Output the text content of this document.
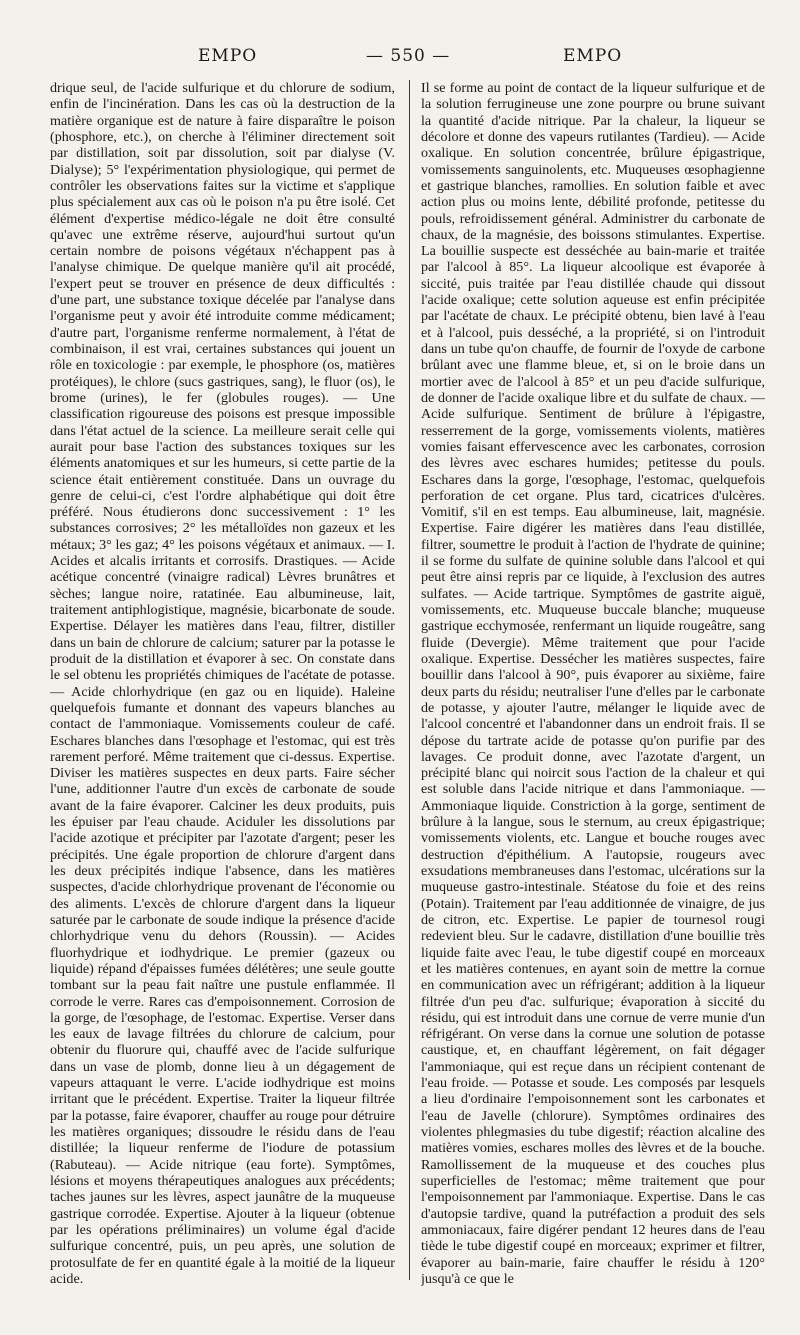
EMPO	— 550 —	EMPO

drique seul, de l'acide sulfurique et du chlorure de sodium, enfin de l'incinération. Dans les cas où la destruction de la matière organique est de nature à faire disparaître le poison (phosphore, etc.), on cherche à l'éliminer directement soit par distillation, soit par dissolution, soit par dialyse (V. Dialyse); 5° l'expérimentation physiologique, qui permet de contrôler les observations faites sur la victime et s'applique plus spécialement aux cas où le poison n'a pu être isolé. Cet élément d'expertise médico-légale ne doit être consulté qu'avec une extrême réserve, aujourd'hui surtout qu'un certain nombre de poisons végétaux n'échappent pas à l'analyse chimique. De quelque manière qu'il ait procédé, l'expert peut se trouver en présence de deux difficultés : d'une part, une substance toxique décelée par l'analyse dans l'organisme peut y avoir été introduite comme médicament; d'autre part, l'organisme renferme normalement, à l'état de combinaison, il est vrai, certaines substances qui jouent un rôle en toxicologie : par exemple, le phosphore (os, matières protéiques), le chlore (sucs gastriques, sang), le fluor (os), le brome (urines), le fer (globules rouges). — Une classification rigoureuse des poisons est presque impossible dans l'état actuel de la science. La meilleure serait celle qui aurait pour base l'action des substances toxiques sur les éléments anatomiques et sur les humeurs, si cette partie de la science était entièrement constituée. Dans un ouvrage du genre de celui-ci, c'est l'ordre alphabétique qui doit être préféré. Nous étudierons donc successivement : 1° les substances corrosives; 2° les métalloïdes non gazeux et les métaux; 3° les gaz; 4° les poisons végétaux et animaux. — I. Acides et alcalis irritants et corrosifs. Drastiques. — Acide acétique concentré (vinaigre radical) Lèvres brunâtres et sèches; langue noire, ratatinée. Eau albumineuse, lait, traitement antiphlogistique, magnésie, bicarbonate de soude. Expertise. Délayer les matières dans l'eau, filtrer, distiller dans un bain de chlorure de calcium; saturer par la potasse le produit de la distillation et évaporer à sec. On constate dans le sel obtenu les propriétés chimiques de l'acétate de potasse. — Acide chlorhydrique (en gaz ou en liquide). Haleine quelquefois fumante et donnant des vapeurs blanches au contact de l'ammoniaque. Vomissements couleur de café. Eschares blanches dans l'œsophage et l'estomac, qui est très rarement perforé. Même traitement que ci-dessus. Expertise. Diviser les matières suspectes en deux parts. Faire sécher l'une, additionner l'autre d'un excès de carbonate de soude avant de la faire évaporer. Calciner les deux produits, puis les épuiser par l'eau chaude. Aciduler les dissolutions par l'acide azotique et précipiter par l'azotate d'argent; peser les précipités. Une égale proportion de chlorure d'argent dans les deux précipités indique l'absence, dans les matières suspectes, d'acide chlorhydrique provenant de l'économie ou des aliments. L'excès de chlorure d'argent dans la liqueur saturée par le carbonate de soude indique la présence d'acide chlorhydrique venu du dehors (Roussin). — Acides fluorhydrique et iodhydrique. Le premier (gazeux ou liquide) répand d'épaisses fumées délétères; une seule goutte tombant sur la peau fait naître une pustule enflammée. Il corrode le verre. Rares cas d'empoisonnement. Corrosion de la gorge, de l'œsophage, de l'estomac. Expertise. Verser dans les eaux de lavage filtrées du chlorure de calcium, pour obtenir du fluorure qui, chauffé avec de l'acide sulfurique dans un vase de plomb, donne lieu à un dégagement de vapeurs attaquant le verre. L'acide iodhydrique est moins irritant que le précédent. Expertise. Traiter la liqueur filtrée par la potasse, faire évaporer, chauffer au rouge pour détruire les matières organiques; dissoudre le résidu dans de l'eau distillée; la liqueur renferme de l'iodure de potassium (Rabuteau). — Acide nitrique (eau forte). Symptômes, lésions et moyens thérapeutiques analogues aux précédents; taches jaunes sur les lèvres, aspect jaunâtre de la muqueuse gastrique corrodée. Expertise. Ajouter à la liqueur (obtenue par les opérations préliminaires) un volume égal d'acide sulfurique concentré, puis, un peu après, une solution de protosulfate de fer en quantité égale à la moitié de la liqueur acide.

Il se forme au point de contact de la liqueur sulfurique et de la solution ferrugineuse une zone pourpre ou brune suivant la quantité d'acide nitrique. Par la chaleur, la liqueur se décolore et donne des vapeurs rutilantes (Tardieu). — Acide oxalique. En solution concentrée, brûlure épigastrique, vomissements sanguinolents, etc. Muqueuses œsophagienne et gastrique blanches, ramollies. En solution faible et avec action plus ou moins lente, débilité profonde, petitesse du pouls, refroidissement général. Administrer du carbonate de chaux, de la magnésie, des boissons stimulantes. Expertise. La bouillie suspecte est desséchée au bain-marie et traitée par l'alcool à 85°. La liqueur alcoolique est évaporée à siccité, puis traitée par l'eau distillée chaude qui dissout l'acide oxalique; cette solution aqueuse est enfin précipitée par l'acétate de chaux. Le précipité obtenu, bien lavé à l'eau et à l'alcool, puis desséché, a la propriété, si on l'introduit dans un tube qu'on chauffe, de fournir de l'oxyde de carbone brûlant avec une flamme bleue, et, si on le broie dans un mortier avec de l'alcool à 85° et un peu d'acide sulfurique, de donner de l'acide oxalique libre et du sulfate de chaux. — Acide sulfurique. Sentiment de brûlure à l'épigastre, resserrement de la gorge, vomissements violents, matières vomies faisant effervescence avec les carbonates, corrosion des lèvres avec eschares humides; petitesse du pouls. Eschares dans la gorge, l'œsophage, l'estomac, quelquefois perforation de cet organe. Plus tard, cicatrices d'ulcères. Vomitif, s'il en est temps. Eau albumineuse, lait, magnésie. Expertise. Faire digérer les matières dans l'eau distillée, filtrer, soumettre le produit à l'action de l'hydrate de quinine; il se forme du sulfate de quinine soluble dans l'alcool et qui peut être ainsi repris par ce liquide, à l'exclusion des autres sulfates. — Acide tartrique. Symptômes de gastrite aiguë, vomissements, etc. Muqueuse buccale blanche; muqueuse gastrique ecchymosée, renfermant un liquide rougeâtre, sang fluide (Devergie). Même traitement que pour l'acide oxalique. Expertise. Dessécher les matières suspectes, faire bouillir dans l'alcool à 90°, puis évaporer au sixième, faire deux parts du résidu; neutraliser l'une d'elles par le carbonate de potasse, y ajouter l'autre, mélanger le liquide avec de l'alcool concentré et l'abandonner dans un endroit frais. Il se dépose du tartrate acide de potasse qu'on purifie par des lavages. Ce produit donne, avec l'azotate d'argent, un précipité blanc qui noircit sous l'action de la chaleur et qui est soluble dans l'acide nitrique et dans l'ammoniaque. — Ammoniaque liquide. Constriction à la gorge, sentiment de brûlure à la langue, sous le sternum, au creux épigastrique; vomissements violents, etc. Langue et bouche rouges avec destruction d'épithélium. A l'autopsie, rougeurs avec exsudations membraneuses dans l'estomac, ulcérations sur la muqueuse gastro-intestinale. Stéatose du foie et des reins (Potain). Traitement par l'eau additionnée de vinaigre, de jus de citron, etc. Expertise. Le papier de tournesol rougi redevient bleu. Sur le cadavre, distillation d'une bouillie très liquide faite avec l'eau, le tube digestif coupé en morceaux et les matières contenues, en ayant soin de mettre la cornue en communication avec un réfrigérant; addition à la liqueur filtrée d'un peu d'ac. sulfurique; évaporation à siccité du résidu, qui est introduit dans une cornue de verre munie d'un réfrigérant. On verse dans la cornue une solution de potasse caustique, et, en chauffant légèrement, on fait dégager l'ammoniaque, qui est reçue dans un récipient contenant de l'eau froide. — Potasse et soude. Les composés par lesquels a lieu d'ordinaire l'empoisonnement sont les carbonates et l'eau de Javelle (chlorure). Symptômes ordinaires des violentes phlegmasies du tube digestif; réaction alcaline des matières vomies, eschares molles des lèvres et de la bouche. Ramollissement de la muqueuse et des couches plus superficielles de l'estomac; même traitement que pour l'empoisonnement par l'ammoniaque. Expertise. Dans le cas d'autopsie tardive, quand la putréfaction a produit des sels ammoniacaux, faire digérer pendant 12 heures dans de l'eau tiède le tube digestif coupé en morceaux; exprimer et filtrer, évaporer au bain-marie, faire chauffer le résidu à 120° jusqu'à ce que le
